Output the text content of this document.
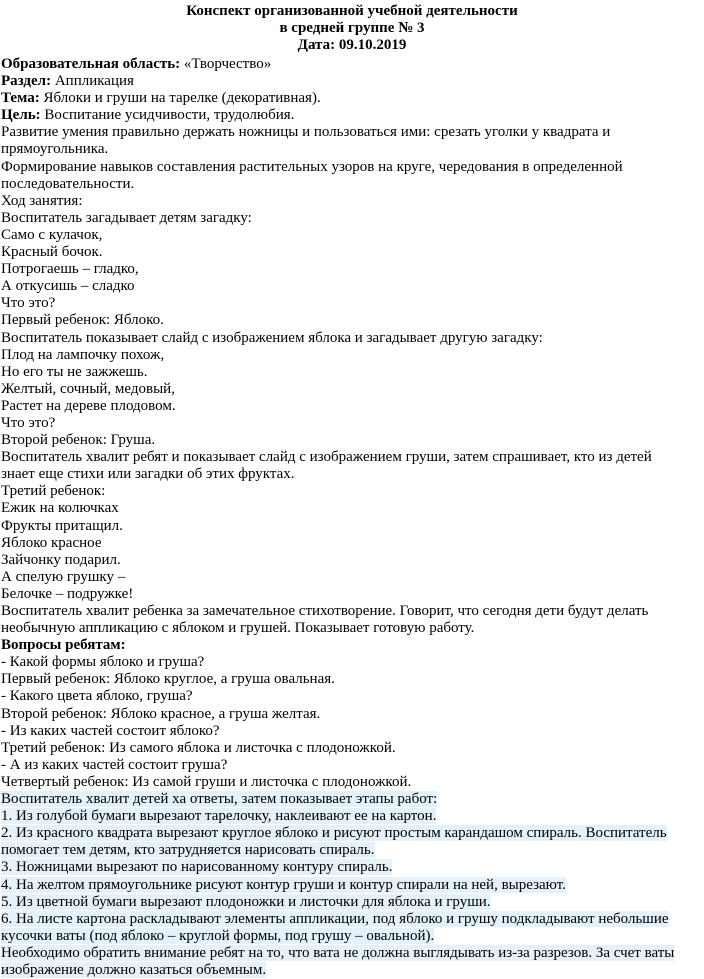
Конспект организованной учебной деятельности

в средней группе № 3

Дата: 09.10.2019

Образовательная область: «Творчество»

Раздел: Аппликация

Тема: Яблоки и груши на тарелке (декоративная).

Цель: Воспитание усидчивости, трудолюбия.

Развитие умения правильно держать ножницы и пользоваться ими: срезать уголки у квадрата и прямоугольника.

Формирование навыков составления растительных узоров на круге, чередования в определенной последовательности.

Ход занятия:

Воспитатель загадывает детям загадку:

Само с кулачок,

Красный бочок.

Потрогаешь – гладко,

А откусишь – сладко

Что это?

Первый ребенок: Яблоко.

Воспитатель показывает слайд с изображением яблока и загадывает другую загадку:

Плод на лампочку похож,

Но его ты не зажжешь.

Желтый, сочный, медовый,

Растет на дереве плодовом.

Что это?

Второй ребенок: Груша.

Воспитатель хвалит ребят и показывает слайд с изображением груши, затем спрашивает, кто из детей знает еще стихи или загадки об этих фруктах.

Третий ребенок:

Ежик на колючках

Фрукты притащил.

Яблоко красное

Зайчонку подарил.

А спелую грушку –

Белочке – подружке!

Воспитатель хвалит ребенка за замечательное стихотворение. Говорит, что сегодня дети будут делать необычную аппликацию с яблоком и грушей. Показывает готовую работу.

Вопросы ребятам:

- Какой формы яблоко и груша?

Первый ребенок: Яблоко круглое, а груша овальная.

- Какого цвета яблоко, груша?

Второй ребенок: Яблоко красное, а груша желтая.

- Из каких частей состоит яблоко?

Третий ребенок: Из самого яблока и листочка с плодоножкой.

- А из каких частей состоит груша?

Четвертый ребенок: Из самой груши и листочка с плодоножкой.

Воспитатель хвалит детей ха ответы, затем показывает этапы работ:

1. Из голубой бумаги вырезают тарелочку, наклеивают ее на картон.

2. Из красного квадрата вырезают круглое яблоко и рисуют простым карандашом спираль. Воспитатель

помогает тем детям, кто затрудняется нарисовать спираль.

3. Ножницами вырезают по нарисованному контуру спираль.

4. На желтом прямоугольнике рисуют контур груши и контур спирали на ней, вырезают.

5. Из цветной бумаги вырезают плодоножки и листочки для яблока и груши.

6. На листе картона раскладывают элементы аппликации, под яблоко и грушу подкладывают небольшие

кусочки ваты (под яблоко – круглой формы, под грушу – овальной).

Необходимо обратить внимание ребят на то, что вата не должна выглядывать из-за разрезов. За счет ваты

изображение должно казаться объемным.
